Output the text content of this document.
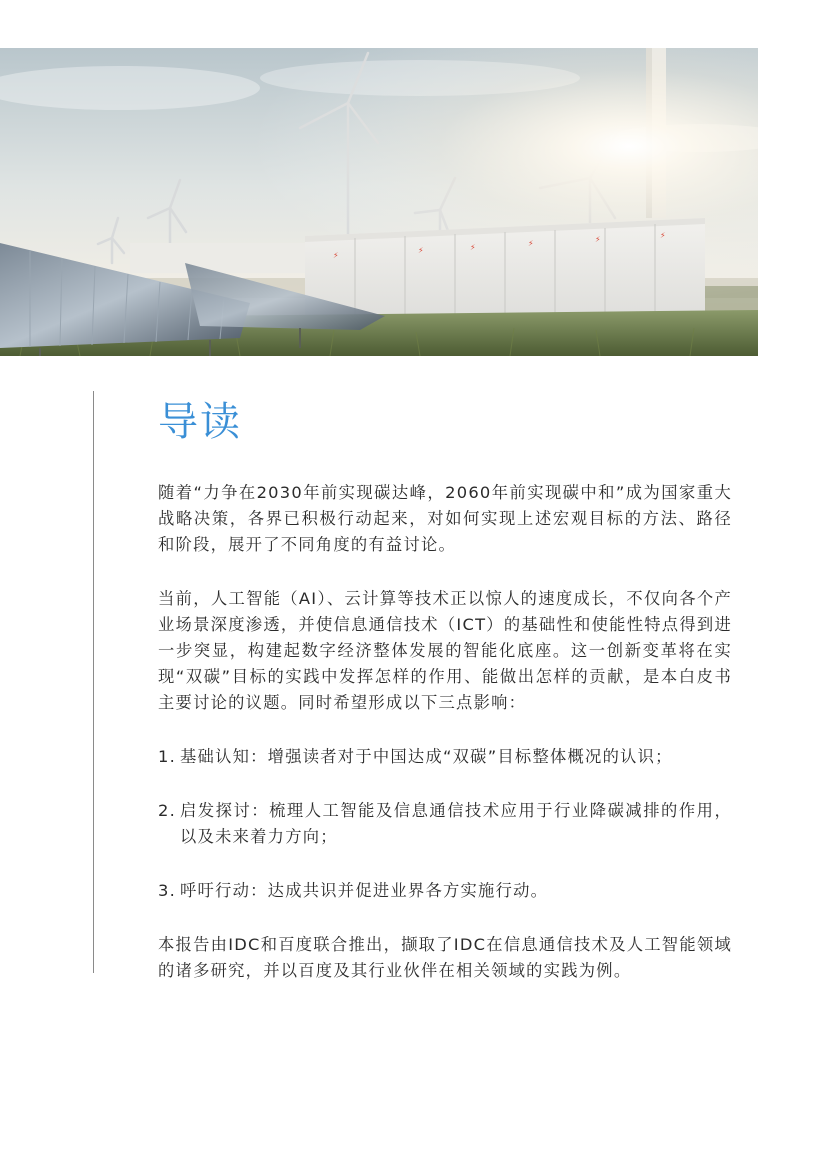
⚡
⚡	⚡	⚡	⚡	⚡
导读

随着“力争在2030年前实现碳达峰，2060年前实现碳中和”成为国家重大战略决策，各界已积极行动起来，对如何实现上述宏观目标的方法、路径和阶段，展开了不同角度的有益讨论。

当前，人工智能（AI）、云计算等技术正以惊人的速度成长，不仅向各个产业场景深度渗透，并使信息通信技术（ICT）的基础性和使能性特点得到进一步突显，构建起数字经济整体发展的智能化底座。这一创新变革将在实现“双碳”目标的实践中发挥怎样的作用、能做出怎样的贡献，是本白皮书主要讨论的议题。同时希望形成以下三点影响：

1. 基础认知：增强读者对于中国达成“双碳”目标整体概况的认识；
2. 启发探讨：梳理人工智能及信息通信技术应用于行业降碳减排的作用，以及未来着力方向；
3. 呼吁行动：达成共识并促进业界各方实施行动。

本报告由IDC和百度联合推出，撷取了IDC在信息通信技术及人工智能领域的诸多研究，并以百度及其行业伙伴在相关领域的实践为例。
